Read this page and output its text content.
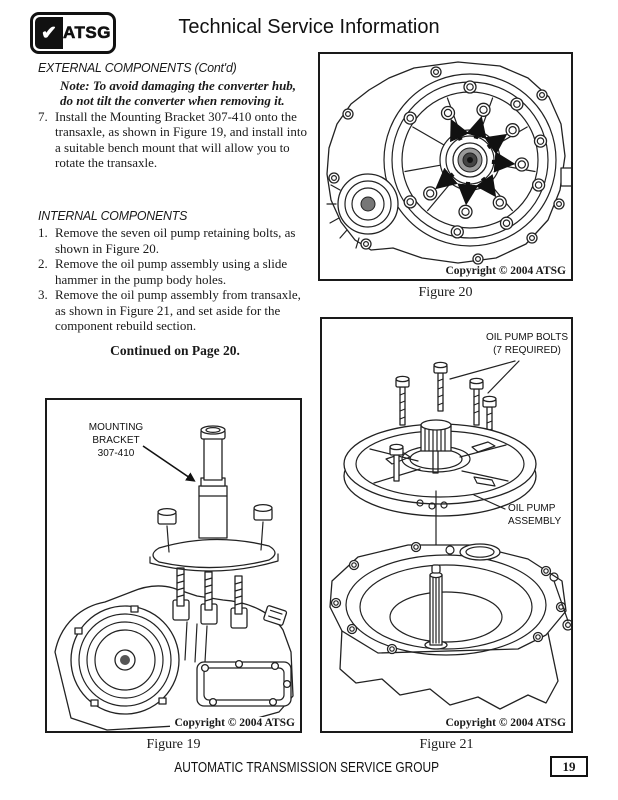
✔ ATSG	Technical Service Information
EXTERNAL COMPONENTS (Cont'd)
Note: To avoid damaging the converter hub,
do not tilt the converter when removing it.
7. Install the Mounting Bracket 307-410 onto the transaxle, as shown in Figure 19, and install into a suitable bench mount that will allow you to rotate the transaxle.
INTERNAL COMPONENTS
1. Remove the seven oil pump retaining bolts, as shown in Figure 20.
2. Remove the oil pump assembly using a slide hammer in the pump body holes.
3. Remove the oil pump assembly from transaxle, as shown in Figure 21, and set aside for the component rebuild section.
Continued on Page 20.
Copyright © 2004 ATSG
Figure 20
MOUNTING
BRACKET
307-410
Copyright © 2004 ATSG
Figure 19
OIL PUMP BOLTS
(7 REQUIRED)
OIL PUMP
ASSEMBLY
Copyright © 2004 ATSG
Figure 21
AUTOMATIC TRANSMISSION SERVICE GROUP	19
